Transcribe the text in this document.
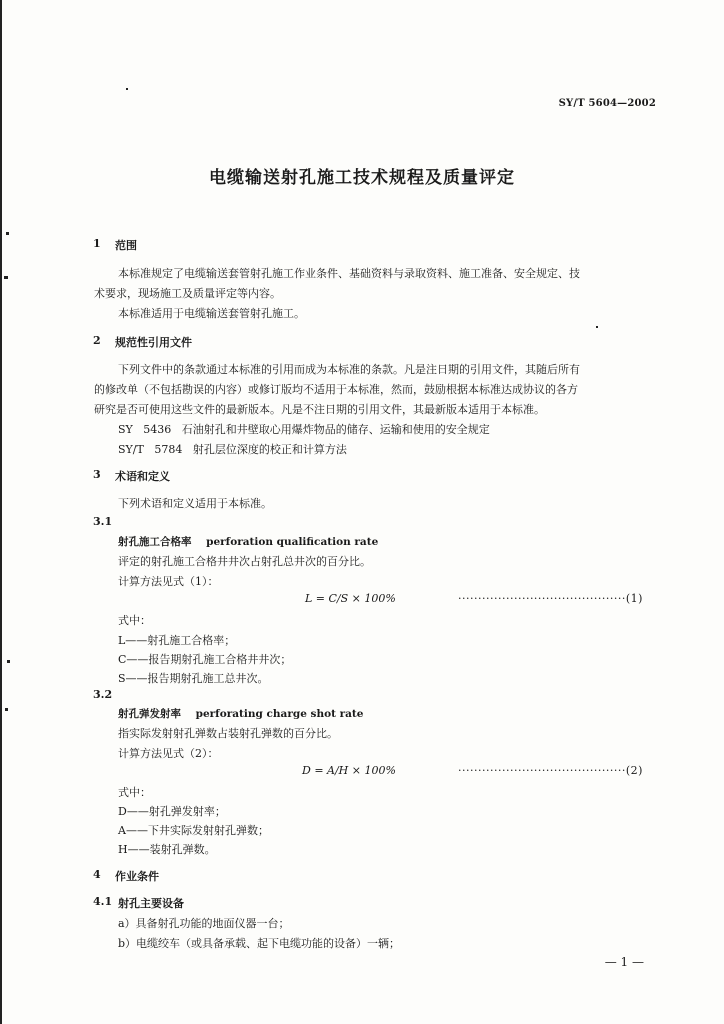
SY/T 5604—2002
电缆输送射孔施工技术规程及质量评定
1 范围
本标准规定了电缆输送套管射孔施工作业条件、基础资料与录取资料、施工准备、安全规定、技
术要求，现场施工及质量评定等内容。
本标准适用于电缆输送套管射孔施工。
2 规范性引用文件
下列文件中的条款通过本标准的引用而成为本标准的条款。凡是注日期的引用文件，其随后所有
的修改单（不包括勘误的内容）或修订版均不适用于本标准，然而，鼓励根据本标准达成协议的各方
研究是否可使用这些文件的最新版本。凡是不注日期的引用文件，其最新版本适用于本标准。
SY   5436   石油射孔和井壁取心用爆炸物品的储存、运输和使用的安全规定
SY/T   5784   射孔层位深度的校正和计算方法
3 术语和定义
下列术语和定义适用于本标准。
3.1
射孔施工合格率    perforation qualification rate
评定的射孔施工合格井井次占射孔总井次的百分比。
计算方法见式（1）：
L = C/S × 100%	··········································(1)
式中：
L——射孔施工合格率；
C——报告期射孔施工合格井井次；
S——报告期射孔施工总井次。
3.2
射孔弹发射率    perforating charge shot rate
指实际发射射孔弹数占装射孔弹数的百分比。
计算方法见式（2）：
D = A/H × 100%	··········································(2)
式中：
D——射孔弹发射率；
A——下井实际发射射孔弹数；
H——装射孔弹数。
4 作业条件
4.1 射孔主要设备
a）具备射孔功能的地面仪器一台；
b）电缆绞车（或具备承载、起下电缆功能的设备）一辆；
— 1 —
